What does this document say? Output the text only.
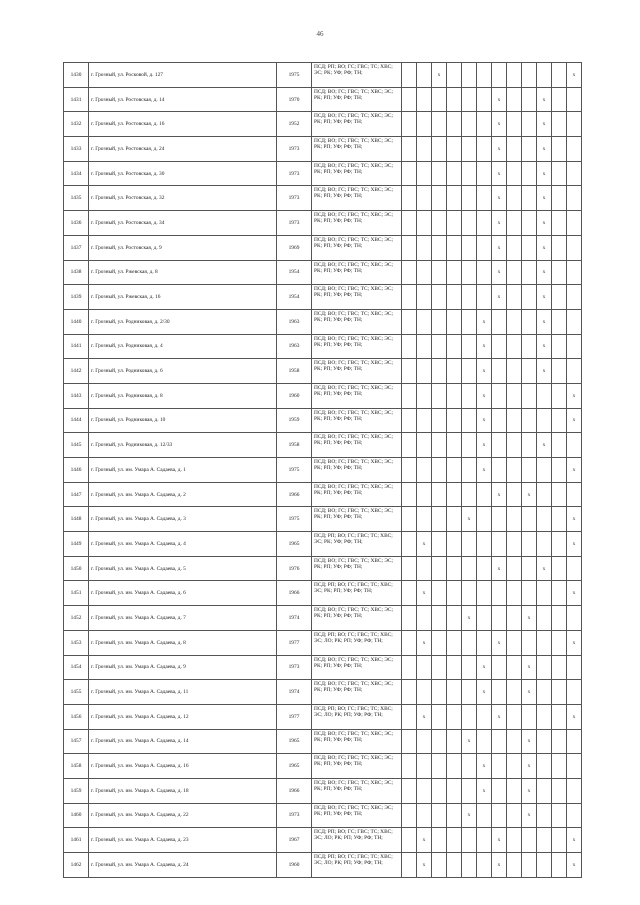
46
1430	г. Грозный, ул. Росковой, д. 127	1975	ПСД; РП; ВО; ГС; ГВС; ТС; ХВС; ЭС; РК; УФ; РФ; ТН;			х									х
1431	г. Грозный, ул. Ростовская, д. 14	1970	ПСД; ВО; ГС; ГВС; ТС; ХВС; ЭС; РК; РП; УФ; РФ; ТН;							х			х		
1432	г. Грозный, ул. Ростовская, д. 16	1952	ПСД; ВО; ГС; ГВС; ТС; ХВС; ЭС; РК; РП; УФ; РФ; ТН;							х			х		
1433	г. Грозный, ул. Ростовская, д. 24	1973	ПСД; ВО; ГС; ГВС; ТС; ХВС; ЭС; РК; РП; УФ; РФ; ТН;							х			х		
1434	г. Грозный, ул. Ростовская, д. 30	1973	ПСД; ВО; ГС; ГВС; ТС; ХВС; ЭС; РК; РП; УФ; РФ; ТН;							х			х		
1435	г. Грозный, ул. Ростовская, д. 32	1973	ПСД; ВО; ГС; ГВС; ТС; ХВС; ЭС; РК; РП; УФ; РФ; ТН;							х			х		
1436	г. Грозный, ул. Ростовская, д. 34	1973	ПСД; ВО; ГС; ГВС; ТС; ХВС; ЭС; РК; РП; УФ; РФ; ТН;							х			х		
1437	г. Грозный, ул. Ростовская, д. 9	1969	ПСД; ВО; ГС; ГВС; ТС; ХВС; ЭС; РК; РП; УФ; РФ; ТН;							х			х		
1438	г. Грозный, ул. Ржевская, д. 8	1954	ПСД; ВО; ГС; ГВС; ТС; ХВС; ЭС; РК; РП; УФ; РФ; ТН;							х			х		
1439	г. Грозный, ул. Ржевская, д. 16	1954	ПСД; ВО; ГС; ГВС; ТС; ХВС; ЭС; РК; РП; УФ; РФ; ТН;							х			х		
1440	г. Грозный, ул. Родниковая, д. 2/30	1963	ПСД; ВО; ГС; ГВС; ТС; ХВС; ЭС; РК; РП; УФ; РФ; ТН;						х				х		
1441	г. Грозный, ул. Родниковая, д. 4	1963	ПСД; ВО; ГС; ГВС; ТС; ХВС; ЭС; РК; РП; УФ; РФ; ТН;						х				х		
1442	г. Грозный, ул. Родниковая, д. 6	1958	ПСД; ВО; ГС; ГВС; ТС; ХВС; ЭС; РК; РП; УФ; РФ; ТН;						х				х		
1443	г. Грозный, ул. Родниковая, д. 8	1960	ПСД; ВО; ГС; ГВС; ТС; ХВС; ЭС; РК; РП; УФ; РФ; ТН;						х						х
1444	г. Грозный, ул. Родниковая, д. 10	1959	ПСД; ВО; ГС; ГВС; ТС; ХВС; ЭС; РК; РП; УФ; РФ; ТН;						х						х
1445	г. Грозный, ул. Родниковая, д. 12/33	1958	ПСД; ВО; ГС; ГВС; ТС; ХВС; ЭС; РК; РП; УФ; РФ; ТН;						х				х		
1446	г. Грозный, ул. им. Умара А. Садаева, д. 1	1975	ПСД; ВО; ГС; ГВС; ТС; ХВС; ЭС; РК; РП; УФ; РФ; ТН;						х						х
1447	г. Грозный, ул. им. Умара А. Садаева, д. 2	1966	ПСД; ВО; ГС; ГВС; ТС; ХВС; ЭС; РК; РП; УФ; РФ; ТН;							х		х			
1448	г. Грозный, ул. им. Умара А. Садаева, д. 3	1975	ПСД; ВО; ГС; ГВС; ТС; ХВС; ЭС; РК; РП; УФ; РФ; ТН;					х							х
1449	г. Грозный, ул. им. Умара А. Садаева, д. 4	1965	ПСД; РП; ВО; ГС; ГВС; ТС; ХВС; ЭС; РК; УФ; РФ; ТН;		х										х
1450	г. Грозный, ул. им. Умара А. Садаева, д. 5	1976	ПСД; ВО; ГС; ГВС; ТС; ХВС; ЭС; РК; РП; УФ; РФ; ТН;							х			х		
1451	г. Грозный, ул. им. Умара А. Садаева, д. 6	1966	ПСД; РП; ВО; ГС; ГВС; ТС; ХВС; ЭС; РК; РП; УФ; РФ; ТН;		х										х
1452	г. Грозный, ул. им. Умара А. Садаева, д. 7	1974	ПСД; ВО; ГС; ГВС; ТС; ХВС; ЭС; РК; РП; УФ; РФ; ТН;					х				х			
1453	г. Грозный, ул. им. Умара А. Садаева, д. 8	1977	ПСД; РП; ВО; ГС; ГВС; ТС; ХВС; ЭС; ЛО; РК; РП; УФ; РФ; ТН;		х					х					х
1454	г. Грозный, ул. им. Умара А. Садаева, д. 9	1973	ПСД; ВО; ГС; ГВС; ТС; ХВС; ЭС; РК; РП; УФ; РФ; ТН;						х			х			
1455	г. Грозный, ул. им. Умара А. Садаева, д. 11	1974	ПСД; ВО; ГС; ГВС; ТС; ХВС; ЭС; РК; РП; УФ; РФ; ТН;						х			х			
1456	г. Грозный, ул. им. Умара А. Садаева, д. 12	1977	ПСД; РП; ВО; ГС; ГВС; ТС; ХВС; ЭС; ЛО; РК; РП; УФ; РФ; ТН;		х					х					х
1457	г. Грозный, ул. им. Умара А. Садаева, д. 14	1965	ПСД; ВО; ГС; ГВС; ТС; ХВС; ЭС; РК; РП; УФ; РФ; ТН;					х				х			
1458	г. Грозный, ул. им. Умара А. Садаева, д. 16	1965	ПСД; ВО; ГС; ГВС; ТС; ХВС; ЭС; РК; РП; УФ; РФ; ТН;						х			х			
1459	г. Грозный, ул. им. Умара А. Садаева, д. 18	1966	ПСД; ВО; ГС; ГВС; ТС; ХВС; ЭС; РК; РП; УФ; РФ; ТН;						х			х			
1460	г. Грозный, ул. им. Умара А. Садаева, д. 22	1973	ПСД; ВО; ГС; ГВС; ТС; ХВС; ЭС; РК; РП; УФ; РФ; ТН;					х				х			
1461	г. Грозный, ул. им. Умара А. Садаева, д. 23	1967	ПСД; РП; ВО; ГС; ГВС; ТС; ХВС; ЭС; ЛО; РК; РП; УФ; РФ; ТН;		х					х					х
1462	г. Грозный, ул. им. Умара А. Садаева, д. 24	1960	ПСД; РП; ВО; ГС; ГВС; ТС; ХВС; ЭС; ЛО; РК; РП; УФ; РФ; ТН;		х					х					х
